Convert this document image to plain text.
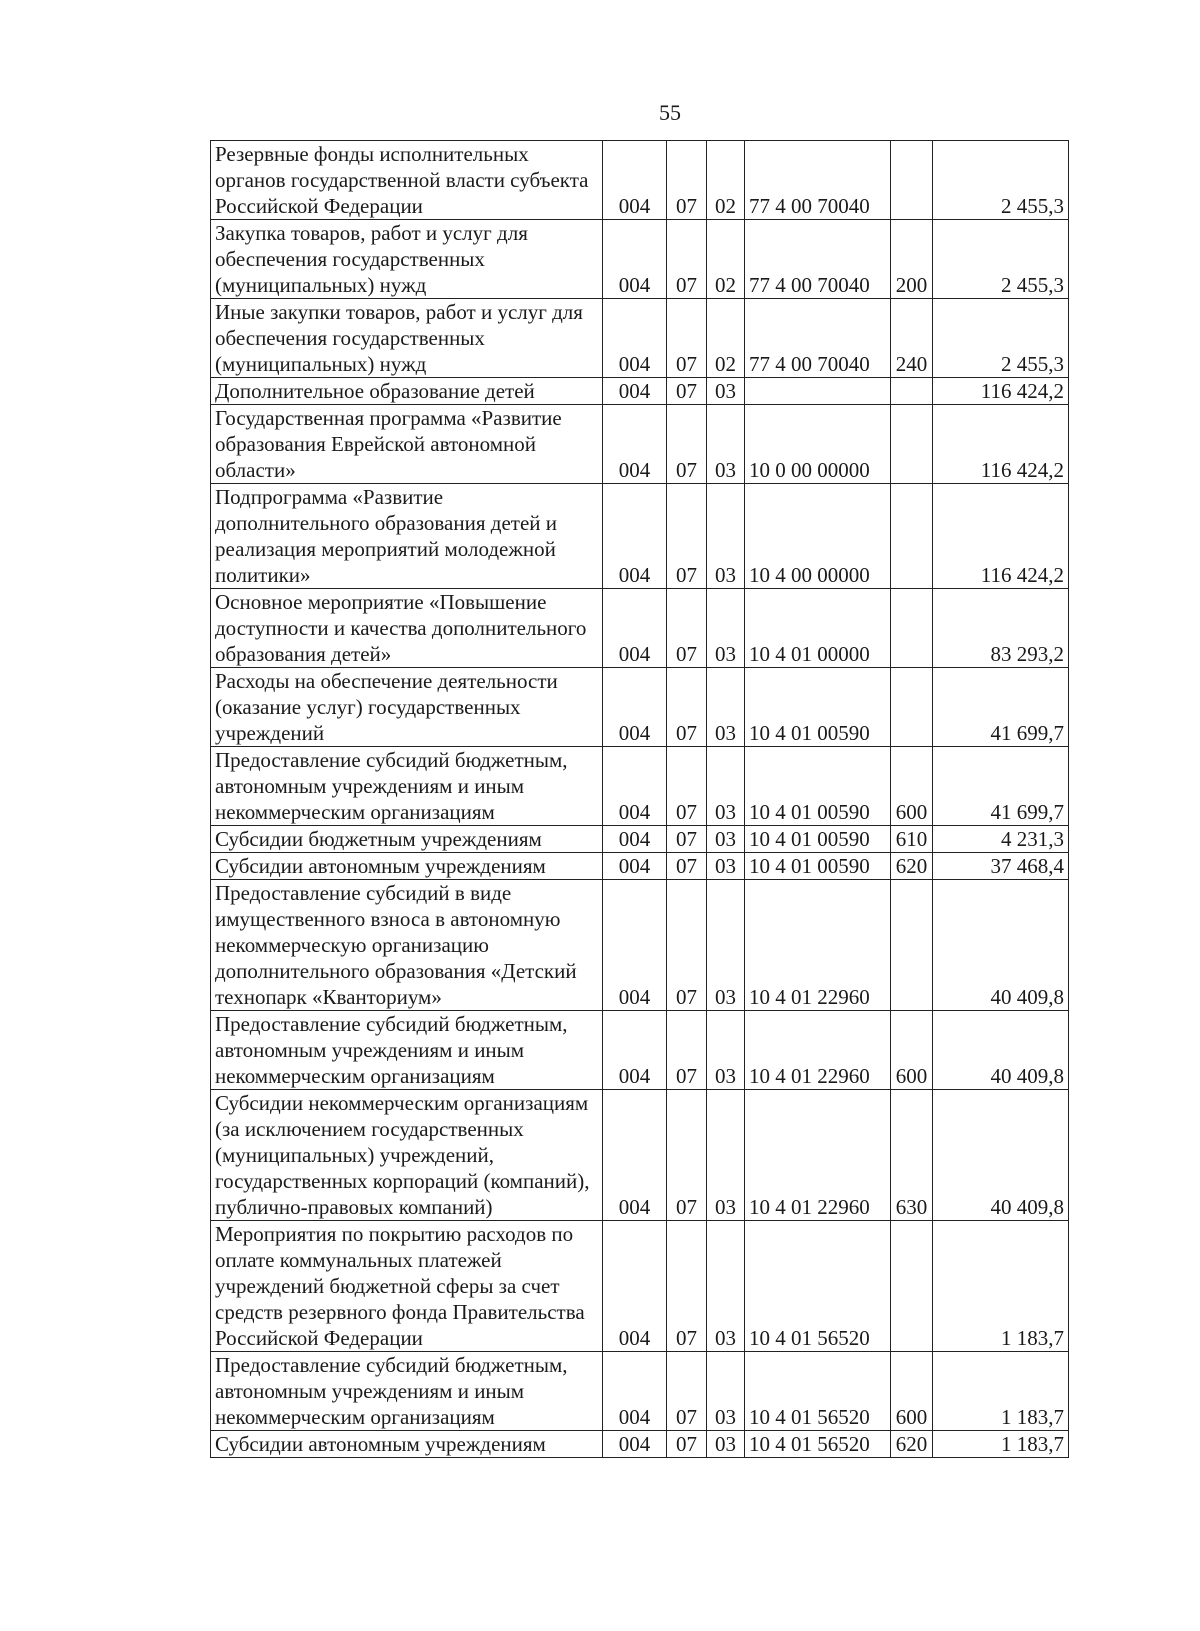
55
Резервные фонды исполнительных органов государственной власти субъекта Российской Федерации	004	07	02	77 4 00 70040		2 455,3
Закупка товаров, работ и услуг для обеспечения государственных (муниципальных) нужд	004	07	02	77 4 00 70040	200	2 455,3
Иные закупки товаров, работ и услуг для обеспечения государственных (муниципальных) нужд	004	07	02	77 4 00 70040	240	2 455,3
Дополнительное образование детей	004	07	03			116 424,2
Государственная программа «Развитие образования Еврейской автономной области»	004	07	03	10 0 00 00000		116 424,2
Подпрограмма «Развитие дополнительного образования детей и реализация мероприятий молодежной политики»	004	07	03	10 4 00 00000		116 424,2
Основное мероприятие «Повышение доступности и качества дополнительного образования детей»	004	07	03	10 4 01 00000		83 293,2
Расходы на обеспечение деятельности (оказание услуг) государственных учреждений	004	07	03	10 4 01 00590		41 699,7
Предоставление субсидий бюджетным, автономным учреждениям и иным некоммерческим организациям	004	07	03	10 4 01 00590	600	41 699,7
Субсидии бюджетным учреждениям	004	07	03	10 4 01 00590	610	4 231,3
Субсидии автономным учреждениям	004	07	03	10 4 01 00590	620	37 468,4
Предоставление субсидий в виде имущественного взноса в автономную некоммерческую организацию дополнительного образования «Детский технопарк «Кванториум»	004	07	03	10 4 01 22960		40 409,8
Предоставление субсидий бюджетным, автономным учреждениям и иным некоммерческим организациям	004	07	03	10 4 01 22960	600	40 409,8
Субсидии некоммерческим организациям (за исключением государственных (муниципальных) учреждений, государственных корпораций (компаний), публично-правовых компаний)	004	07	03	10 4 01 22960	630	40 409,8
Мероприятия по покрытию расходов по оплате коммунальных платежей учреждений бюджетной сферы за счет средств резервного фонда Правительства Российской Федерации	004	07	03	10 4 01 56520		1 183,7
Предоставление субсидий бюджетным, автономным учреждениям и иным некоммерческим организациям	004	07	03	10 4 01 56520	600	1 183,7
Субсидии автономным учреждениям	004	07	03	10 4 01 56520	620	1 183,7
